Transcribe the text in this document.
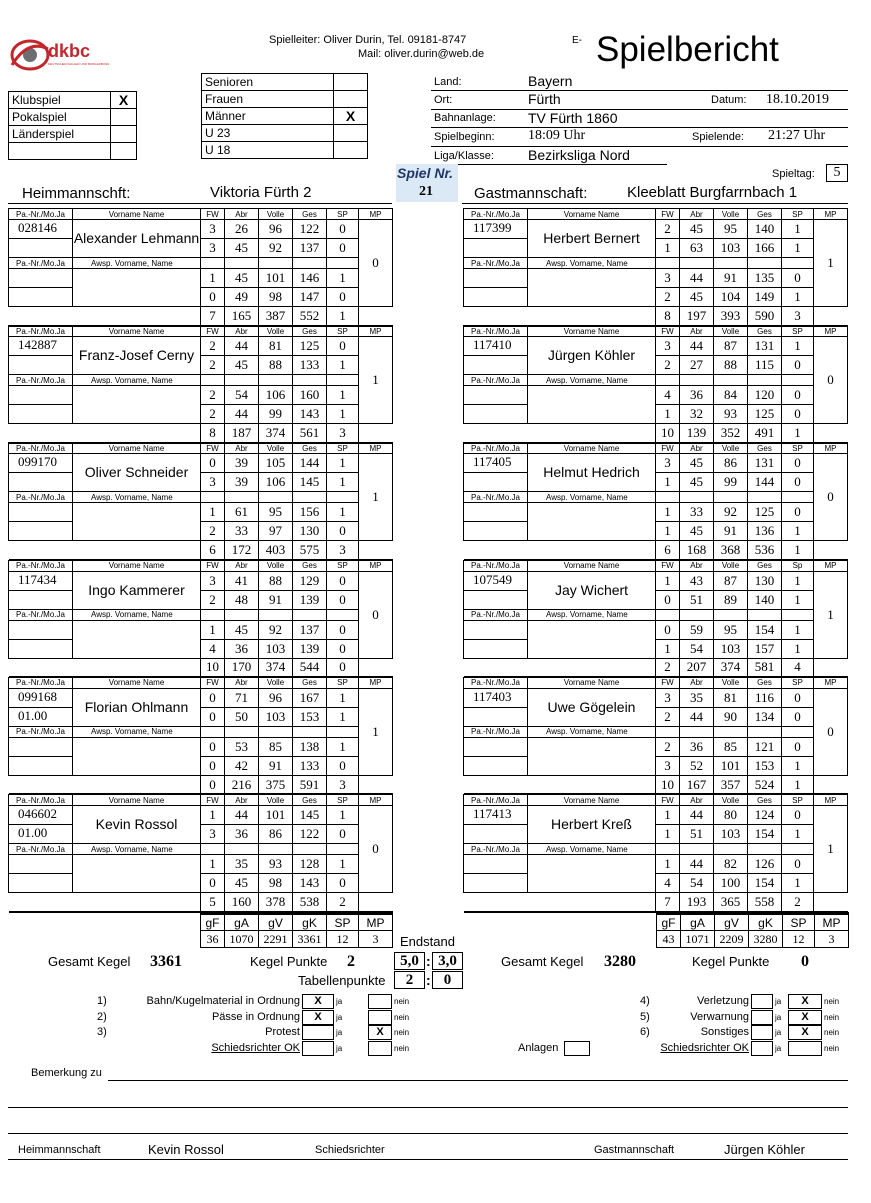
dkbc
DEUTSCHER KEGLER UND BOWLERBUND
Spielleiter: Oliver Durin, Tel. 09181-8747
Mail: oliver.durin@web.de
E- Spielbericht
Klubspiel	X
Pokalspiel	
Länderspiel	

Senioren	
Frauen	
Männer	X
U 23	
U 18	
Land:	Bayern
Ort:	Fürth	Datum: 18.10.2019
Bahnanlage: TV Fürth 1860
Spielbeginn: 18:09 Uhr	Spielende: 21:27 Uhr
Liga/Klasse: Bezirksliga Nord
Spiel Nr.
21
Spieltag:	5
Heimmannschft:	Viktoria Fürth 2	Gastmannschaft:	Kleeblatt Burgfarrnbach 1
Pa.-Nr./Mo.Ja	Vorname Name	FW	Abr	Volle	Ges	SP	MP
028146	Alexander Lehmann	3	26	96	122	0	0
		3	45	92	137	0	
Pa.-Nr./Mo.Ja	Awsp. Vorname, Name						
		1	45	101	146	1	
		0	49	98	147	0	
		7	165	387	552	1	
Pa.-Nr./Mo.Ja	Vorname Name	FW	Abr	Volle	Ges	SP	MP
142887	Franz-Josef Cerny	2	44	81	125	0	1
		2	45	88	133	1	
Pa.-Nr./Mo.Ja	Awsp. Vorname, Name						
		2	54	106	160	1	
		2	44	99	143	1	
		8	187	374	561	3	
Pa.-Nr./Mo.Ja	Vorname Name	FW	Abr	Volle	Ges	SP	MP
099170	Oliver Schneider	0	39	105	144	1	1
		3	39	106	145	1	
Pa.-Nr./Mo.Ja	Awsp. Vorname, Name						
		1	61	95	156	1	
		2	33	97	130	0	
		6	172	403	575	3	
Pa.-Nr./Mo.Ja	Vorname Name	FW	Abr	Volle	Ges	SP	MP
117434	Ingo Kammerer	3	41	88	129	0	0
		2	48	91	139	0	
Pa.-Nr./Mo.Ja	Awsp. Vorname, Name						
		1	45	92	137	0	
		4	36	103	139	0	
		10	170	374	544	0	
Pa.-Nr./Mo.Ja	Vorname Name	FW	Abr	Volle	Ges	SP	MP
099168	Florian Ohlmann	0	71	96	167	1	1
01.00		0	50	103	153	1	
Pa.-Nr./Mo.Ja	Awsp. Vorname, Name						
		0	53	85	138	1	
		0	42	91	133	0	
		0	216	375	591	3	
Pa.-Nr./Mo.Ja	Vorname Name	FW	Abr	Volle	Ges	SP	MP
046602	Kevin Rossol	1	44	101	145	1	0
01.00		3	36	86	122	0	
Pa.-Nr./Mo.Ja	Awsp. Vorname, Name						
		1	35	93	128	1	
		0	45	98	143	0	
		5	160	378	538	2	
Pa.-Nr./Mo.Ja	Vorname Name	FW	Abr	Volle	Ges	SP	MP
117399	Herbert Bernert	2	45	95	140	1	1
		1	63	103	166	1	
Pa.-Nr./Mo.Ja	Awsp. Vorname, Name						
		3	44	91	135	0	
		2	45	104	149	1	
		8	197	393	590	3	
Pa.-Nr./Mo.Ja	Vorname Name	FW	Abr	Volle	Ges	SP	MP
117410	Jürgen Köhler	3	44	87	131	1	0
		2	27	88	115	0	
Pa.-Nr./Mo.Ja	Awsp. Vorname, Name						
		4	36	84	120	0	
		1	32	93	125	0	
		10	139	352	491	1	
Pa.-Nr./Mo.Ja	Vorname Name	FW	Abr	Volle	Ges	SP	MP
117405	Helmut Hedrich	3	45	86	131	0	0
		1	45	99	144	0	
Pa.-Nr./Mo.Ja	Awsp. Vorname, Name						
		1	33	92	125	0	
		1	45	91	136	1	
		6	168	368	536	1	
Pa.-Nr./Mo.Ja	Vorname Name	FW	Abr	Volle	Ges	Sp	MP
107549	Jay Wichert	1	43	87	130	1	1
		0	51	89	140	1	
Pa.-Nr./Mo.Ja	Awsp. Vorname, Name						
		0	59	95	154	1	
		1	54	103	157	1	
		2	207	374	581	4	
Pa.-Nr./Mo.Ja	Vorname Name	FW	Abr	Volle	Ges	SP	MP
117403	Uwe Gögelein	3	35	81	116	0	0
		2	44	90	134	0	
Pa.-Nr./Mo.Ja	Awsp. Vorname, Name						
		2	36	85	121	0	
		3	52	101	153	1	
		10	167	357	524	1	
Pa.-Nr./Mo.Ja	Vorname Name	FW	Abr	Volle	Ges	SP	MP
117413	Herbert Kreß	1	44	80	124	0	1
		1	51	103	154	1	
Pa.-Nr./Mo.Ja	Awsp. Vorname, Name						
		1	44	82	126	0	
		4	54	100	154	1	
		7	193	365	558	2	
gF	gA	gV	gK	SP	MP
36	1070	2291	3361	12	3
gF	gA	gV	gK	SP	MP
43	1071	2209	3280	12	3
Endstand
Gesamt Kegel 3361	Kegel Punkte 2	5,0 : 3,0	Gesamt Kegel 3280	Kegel Punkte 0
Tabellenpunkte	2 : 0
1)	Bahn/Kugelmaterial in Ordnung	X	ja	nein
2)	Pässe in Ordnung	X	ja	nein
3)	Protest	ja	X	nein
Schiedsrichter OK	ja	nein
4)	Verletzung	ja	X	nein
5)	Verwarnung	ja	X	nein
6)	Sonstiges	ja	X	nein
Schiedsrichter OK	ja	nein
Anlagen
Bemerkung zu
Heimmannschaft	Kevin Rossol	Schiedsrichter	Gastmannschaft	Jürgen Köhler
